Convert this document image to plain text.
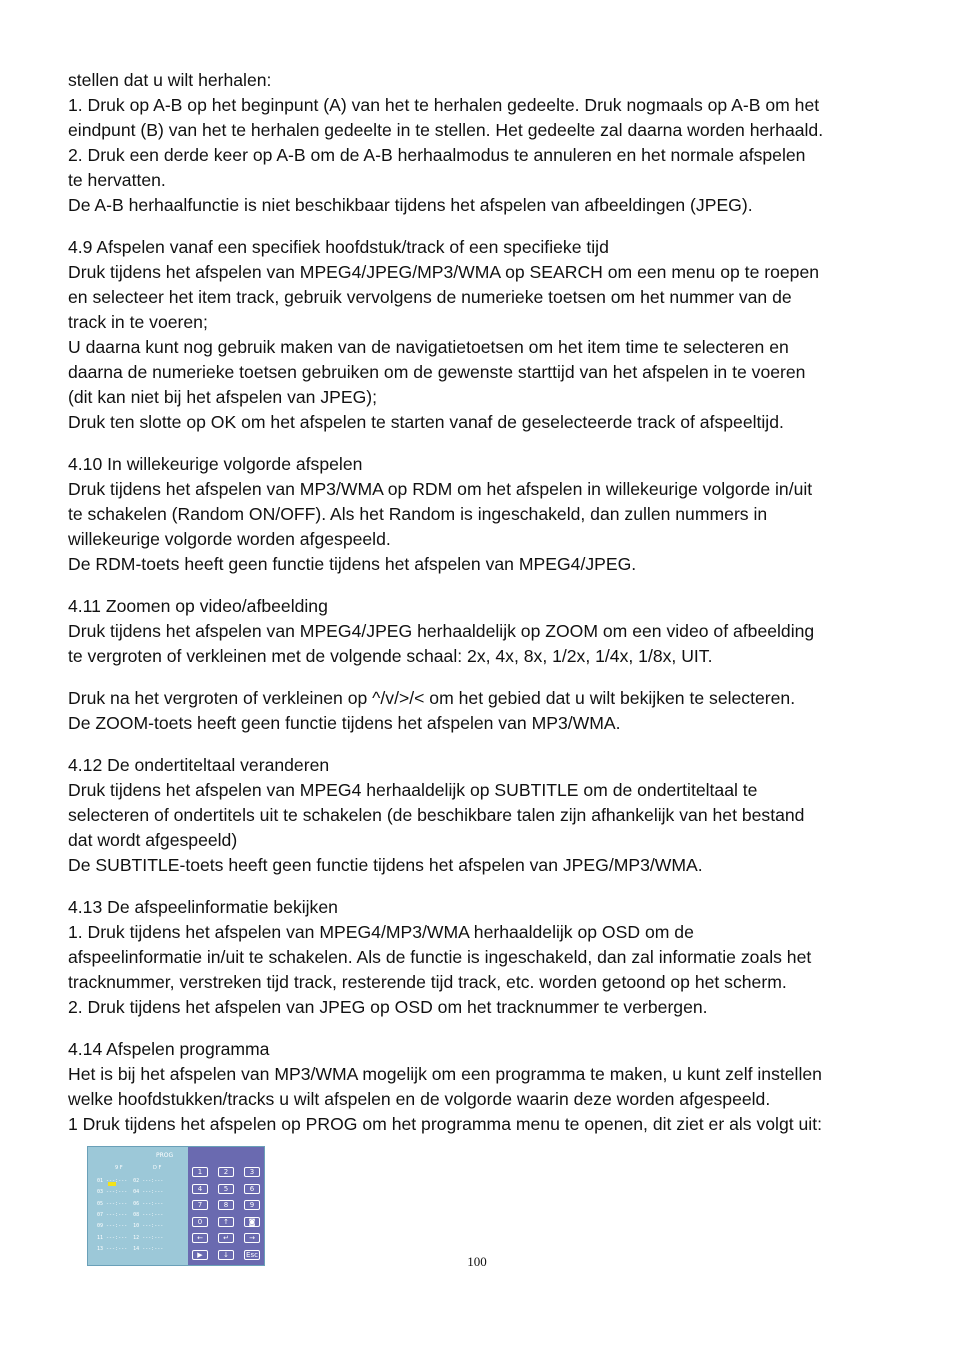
stellen dat u wilt herhalen:
1. Druk op A-B op het beginpunt (A) van het te herhalen gedeelte. Druk nogmaals op A-B om het
eindpunt (B) van het te herhalen gedeelte in te stellen. Het gedeelte zal daarna worden herhaald.
2. Druk een derde keer op A-B om de A-B herhaalmodus te annuleren en het normale afspelen
te hervatten.
De A-B herhaalfunctie is niet beschikbaar tijdens het afspelen van afbeeldingen (JPEG).
4.9 Afspelen vanaf een specifiek hoofdstuk/track of een specifieke tijd
Druk tijdens het afspelen van MPEG4/JPEG/MP3/WMA op SEARCH om een menu op te roepen
en selecteer het item track, gebruik vervolgens de numerieke toetsen om het nummer van de
track in te voeren;
U daarna kunt nog gebruik maken van de navigatietoetsen om het item time te selecteren en
daarna de numerieke toetsen gebruiken om de gewenste starttijd van het afspelen in te voeren
(dit kan niet bij het afspelen van JPEG);
Druk ten slotte op OK om het afspelen te starten vanaf de geselecteerde track of afspeeltijd.
4.10 In willekeurige volgorde afspelen
Druk tijdens het afspelen van MP3/WMA op RDM om het afspelen in willekeurige volgorde in/uit
te schakelen (Random ON/OFF). Als het Random is ingeschakeld, dan zullen nummers in
willekeurige volgorde worden afgespeeld.
De RDM-toets heeft geen functie tijdens het afspelen van MPEG4/JPEG.
4.11 Zoomen op video/afbeelding
Druk tijdens het afspelen van MPEG4/JPEG herhaaldelijk op ZOOM om een video of afbeelding
te vergroten of verkleinen met de volgende schaal: 2x, 4x, 8x, 1/2x, 1/4x, 1/8x, UIT.
Druk na het vergroten of verkleinen op ^/v/>/< om het gebied dat u wilt bekijken te selecteren.
De ZOOM-toets heeft geen functie tijdens het afspelen van MP3/WMA.
4.12 De ondertiteltaal veranderen
Druk tijdens het afspelen van MPEG4 herhaaldelijk op SUBTITLE om de ondertiteltaal te
selecteren of ondertitels uit te schakelen (de beschikbare talen zijn afhankelijk van het bestand
dat wordt afgespeeld)
De SUBTITLE-toets heeft geen functie tijdens het afspelen van JPEG/MP3/WMA.
4.13 De afspeelinformatie bekijken
1. Druk tijdens het afspelen van MPEG4/MP3/WMA herhaaldelijk op OSD om de
afspeelinformatie in/uit te schakelen. Als de functie is ingeschakeld, dan zal informatie zoals het
tracknummer, verstreken tijd track, resterende tijd track, etc. worden getoond op het scherm.
2. Druk tijdens het afspelen van JPEG op OSD om het tracknummer te verbergen.
4.14 Afspelen programma
Het is bij het afspelen van MP3/WMA mogelijk om een programma te maken, u kunt zelf instellen
welke hoofdstukken/tracks u wilt afspelen en de volgorde waarin deze worden afgespeeld.
1 Druk tijdens het afspelen op PROG om het programma menu te openen, dit ziet er als volgt uit:
PROG
9 F	D F
01 ---:---  02 ---:---
03 ---:---  04 ---:---
05 ---:---  06 ---:---
07 ---:---  08 ---:---
09 ---:---  10 ---:---
11 ---:---  12 ---:---
13 ---:---  14 ---:---
1	2	3
4	5	6
7	8	9
0	↑	◙
←	↵	→
▶	↓	Esc	100
